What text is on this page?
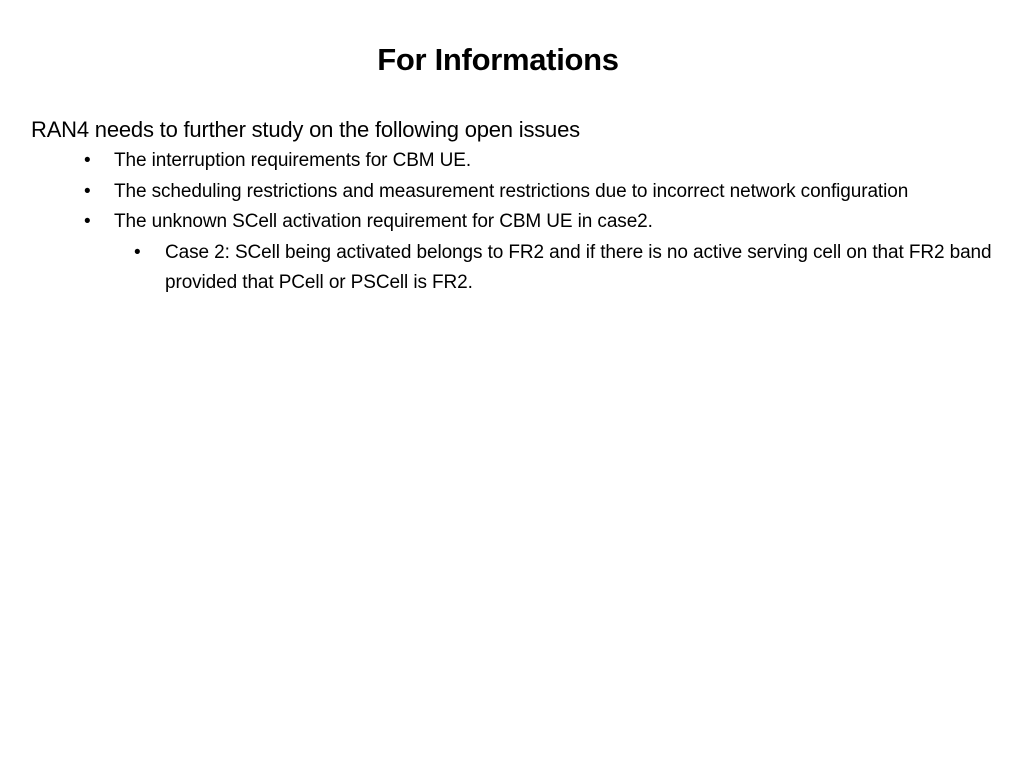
For Informations

RAN4 needs to further study on the following open issues

• The interruption requirements for CBM UE.
• The scheduling restrictions and measurement restrictions due to incorrect network configuration
• The unknown SCell activation requirement for CBM UE in case2.
• Case 2: SCell being activated belongs to FR2 and if there is no active serving cell on that FR2 band provided that PCell or PSCell is FR2.
